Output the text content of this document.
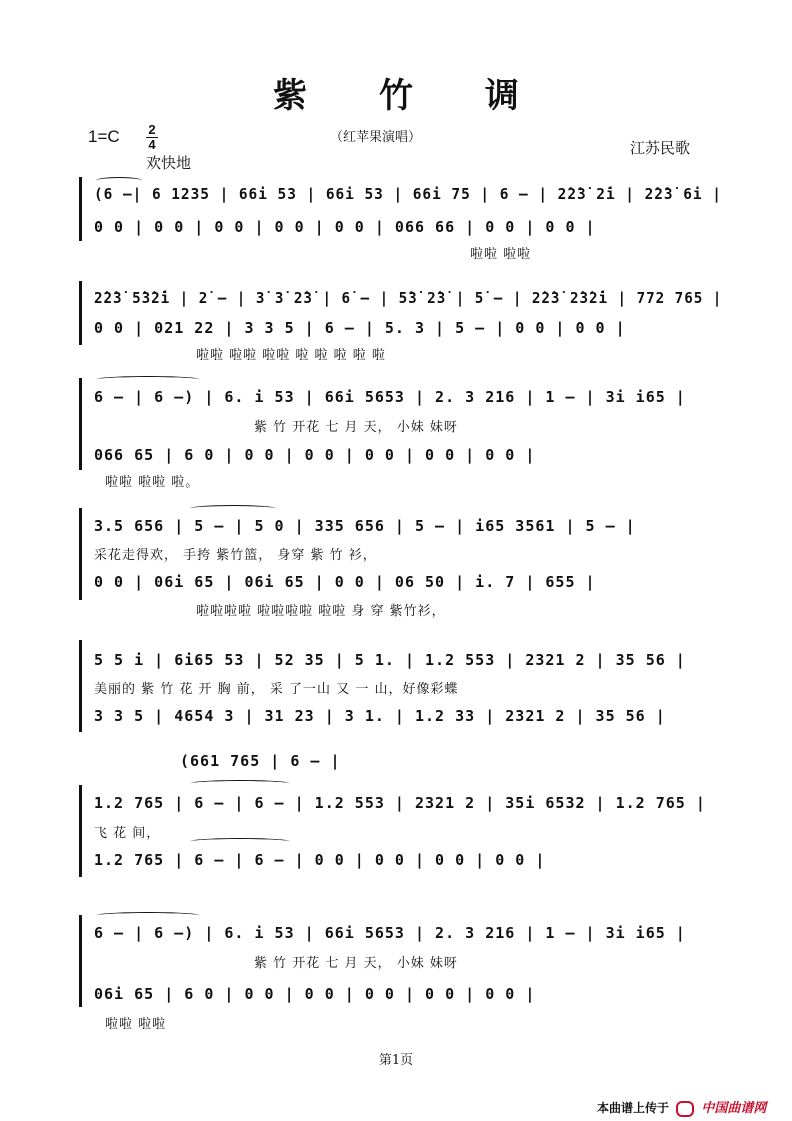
紫 竹 调
1=C 2
4
欢快地
（红苹果演唱）
江苏民歌
(6 –| 6 1235 | 66i 53 | 66i 53 | 66i 75 | 6 – | 2̇2̇3̇ 2̇i | 2̇2̇3̇ 6i |
0 0 | 0 0 | 0 0 | 0 0 | 0 0 | 066 66 | 0 0 | 0 0 |
啦啦 啦啦
2̇2̇3̇ 5̇3̇2̇i | 2̇ – | 3̇ 3̇ 2̇3̇ | 6̇ – | 5̇3̇ 2̇3̇ | 5̇ – | 2̇2̇3̇ 2̇3̇2̇i | 772 765 |
0 0 | 021 22 | 3 3 5 | 6 – | 5. 3 | 5 – | 0 0 | 0 0 |
啦啦 啦啦 啦啦 啦 啦 啦 啦 啦
6 – | 6 –) | 6. i 53 | 66i 5653 | 2. 3 216 | 1 – | 3i i65 |
紫 竹 开花 七 月 天， 小妹 妹呀
066 65 | 6 0 | 0 0 | 0 0 | 0 0 | 0 0 | 0 0 |
啦啦 啦啦 啦。
3.5 656 | 5 – | 5 0 | 335 656 | 5 – | i65 3561 | 5 – |
采花走得欢， 手挎 紫竹篮， 身穿 紫 竹 衫，
0 0 | 06i 65 | 06i 65 | 0 0 | 06 50 | i. 7 | 655 |
啦啦啦啦 啦啦啦啦 啦啦 身 穿 紫竹衫，
5 5 i | 6i65 53 | 52 35 | 5 1. | 1.2 553 | 2321 2 | 35 56 |
美丽的 紫 竹 花 开 胸 前， 采 了一山 又 一 山，好像彩蝶
3 3 5 | 4654 3 | 31 23 | 3 1. | 1.2 33 | 2321 2 | 35 56 |
(661 765 | 6 – |
1.2 765 | 6 – | 6 – | 1.2 553 | 2321 2 | 35i 6532 | 1.2 765 |
飞 花 间，
1.2 765 | 6 – | 6 – | 0 0 | 0 0 | 0 0 | 0 0 |
6 – | 6 –) | 6. i 53 | 66i 5653 | 2. 3 216 | 1 – | 3i i65 |
紫 竹 开花 七 月 天， 小妹 妹呀
06i 65 | 6 0 | 0 0 | 0 0 | 0 0 | 0 0 | 0 0 |
啦啦 啦啦
第1页
本曲谱上传于 中国曲谱网
